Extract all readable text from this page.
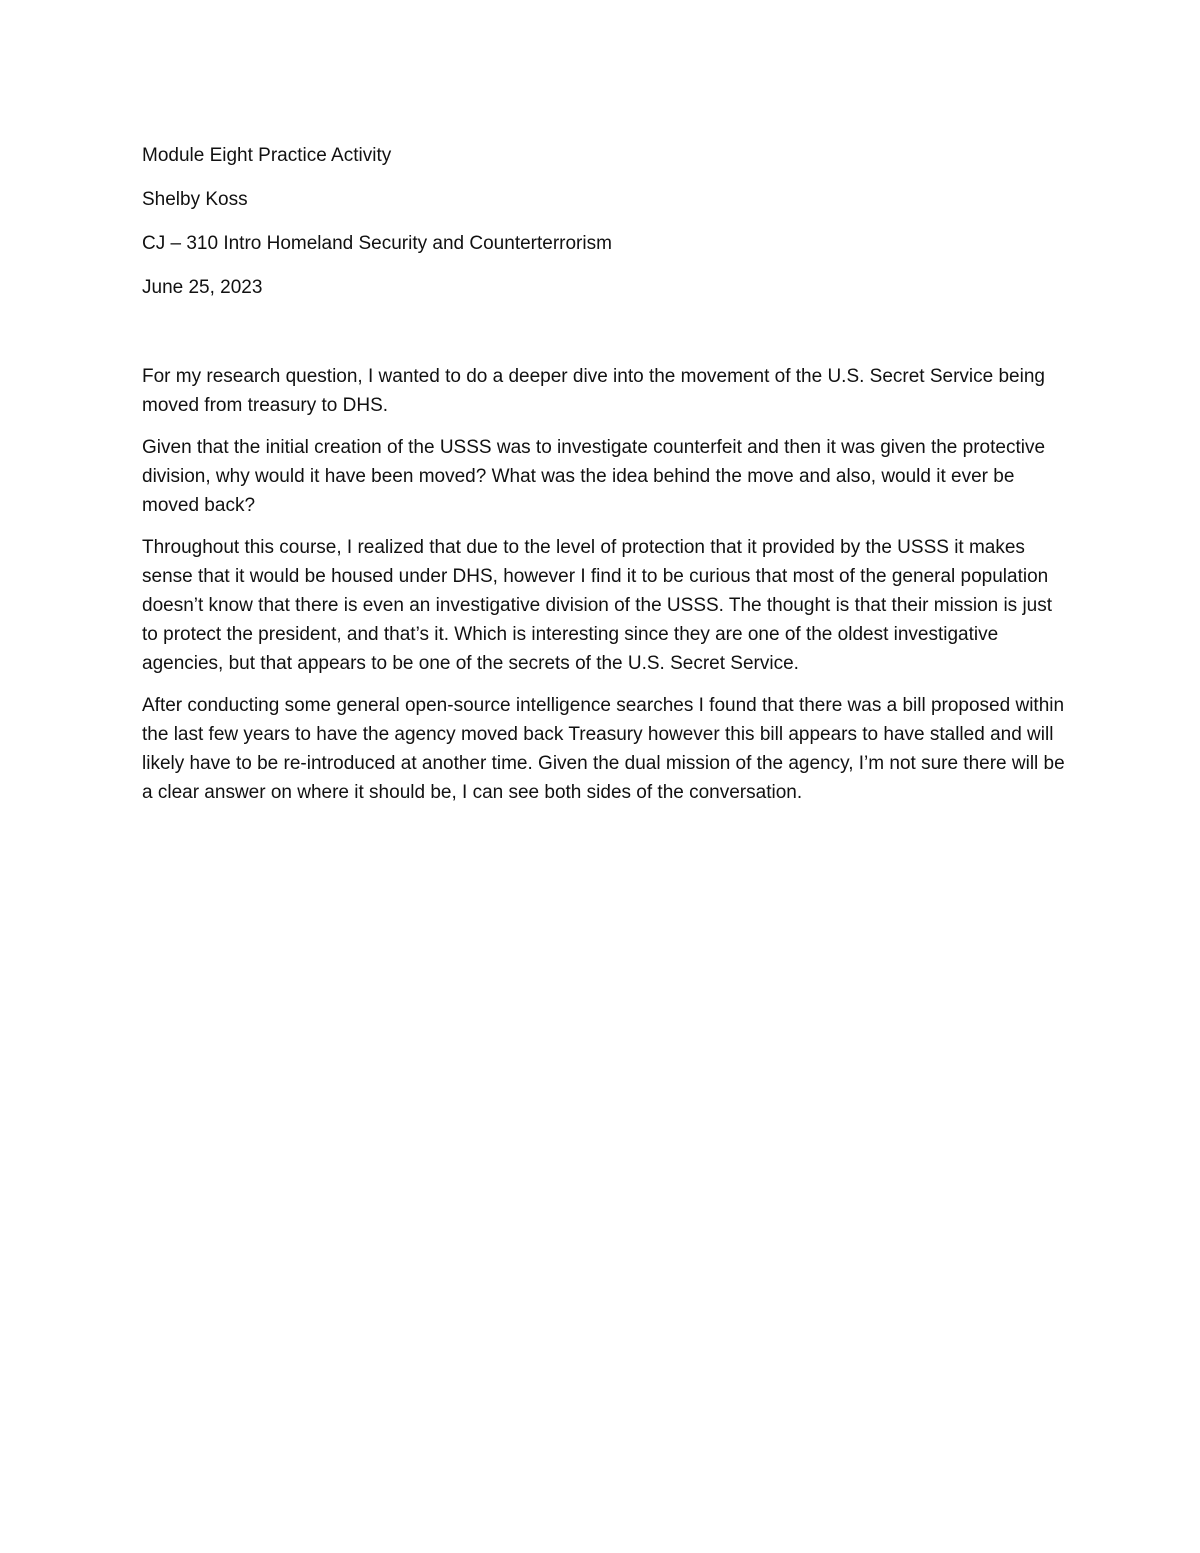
Module Eight Practice Activity

Shelby Koss

CJ – 310 Intro Homeland Security and Counterterrorism

June 25, 2023

For my research question, I wanted to do a deeper dive into the movement of the U.S. Secret Service being moved from treasury to DHS.

Given that the initial creation of the USSS was to investigate counterfeit and then it was given the protective division, why would it have been moved? What was the idea behind the move and also, would it ever be moved back?

Throughout this course, I realized that due to the level of protection that it provided by the USSS it makes sense that it would be housed under DHS, however I find it to be curious that most of the general population doesn’t know that there is even an investigative division of the USSS. The thought is that their mission is just to protect the president, and that’s it. Which is interesting since they are one of the oldest investigative agencies, but that appears to be one of the secrets of the U.S. Secret Service.

After conducting some general open-source intelligence searches I found that there was a bill proposed within the last few years to have the agency moved back Treasury however this bill appears to have stalled and will likely have to be re-introduced at another time. Given the dual mission of the agency, I’m not sure there will be a clear answer on where it should be, I can see both sides of the conversation.
